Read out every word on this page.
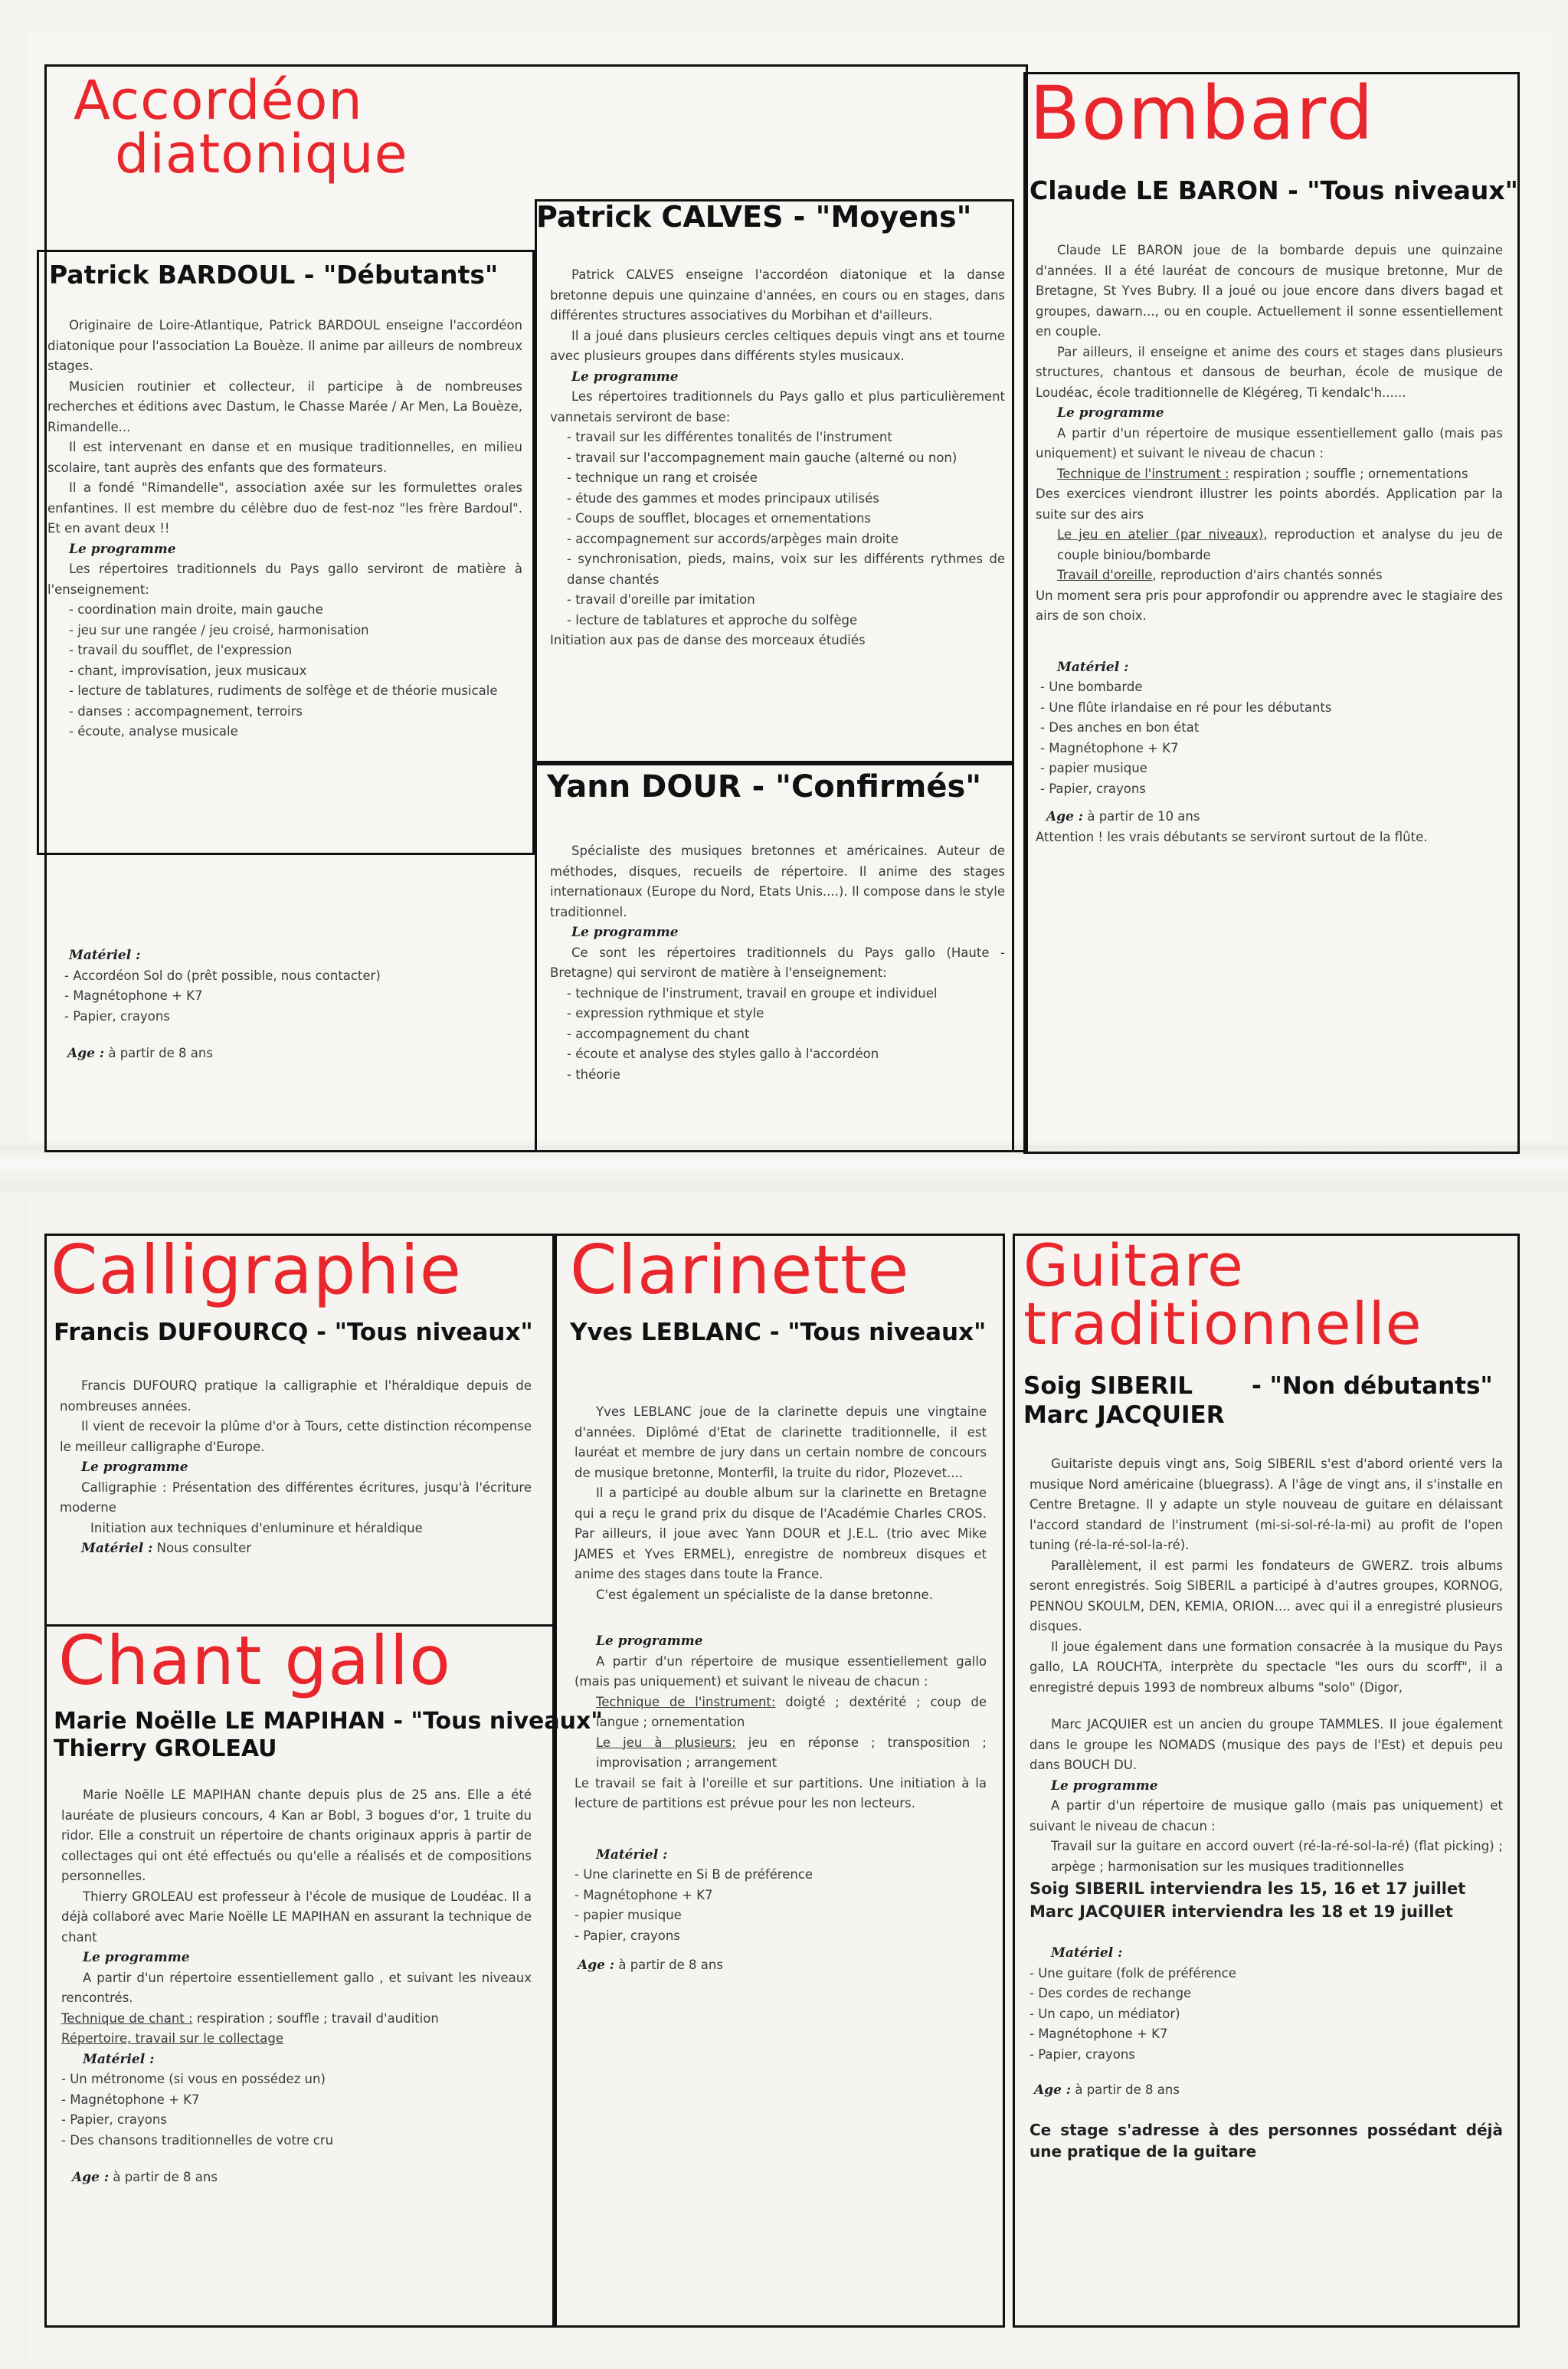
Accordéon
diatonique
Patrick BARDOUL - "Débutants"

Originaire de Loire-Atlantique, Patrick BARDOUL enseigne l'accordéon diatonique pour l'association La Bouèze. Il anime par ailleurs de nombreux stages.

Musicien routinier et collecteur, il participe à de nombreuses recherches et éditions avec Dastum, le Chasse Marée / Ar Men, La Bouèze, Rimandelle...

Il est intervenant en danse et en musique traditionnelles, en milieu scolaire, tant auprès des enfants que des formateurs.

Il a fondé "Rimandelle", association axée sur les formulettes orales enfantines. Il est membre du célèbre duo de fest-noz "les frère Bardoul". Et en avant deux !!

Le programme

Les répertoires traditionnels du Pays gallo serviront de matière à l'enseignement:

- coordination main droite, main gauche
- jeu sur une rangée / jeu croisé, harmonisation
- travail du soufflet, de l'expression
- chant, improvisation, jeux musicaux
- lecture de tablatures, rudiments de solfège et de théorie musicale
- danses : accompagnement, terroirs
- écoute, analyse musicale

Matériel :

- Accordéon Sol do (prêt possible, nous contacter)
- Magnétophone + K7
- Papier, crayons

Age : à partir de 8 ans

Patrick CALVES - "Moyens"

Patrick CALVES enseigne l'accordéon diatonique et la danse bretonne depuis une quinzaine d'années, en cours ou en stages, dans différentes structures associatives du Morbihan et d'ailleurs.

Il a joué dans plusieurs cercles celtiques depuis vingt ans et tourne avec plusieurs groupes dans différents styles musicaux.

Le programme

Les répertoires traditionnels du Pays gallo et plus particulièrement vannetais serviront de base:

- travail sur les différentes tonalités de l'instrument
- travail sur l'accompagnement main gauche (alterné ou non)
- technique un rang et croisée
- étude des gammes et modes principaux utilisés
- Coups de soufflet, blocages et ornementations
- accompagnement sur accords/arpèges main droite
- synchronisation, pieds, mains, voix sur les différents rythmes de danse chantés
- travail d'oreille par imitation
- lecture de tablatures et approche du solfège
Initiation aux pas de danse des morceaux étudiés
Yann DOUR - "Confirmés"

Spécialiste des musiques bretonnes et américaines. Auteur de méthodes, disques, recueils de répertoire. Il anime des stages internationaux (Europe du Nord, Etats Unis....). Il compose dans le style traditionnel.

Le programme

Ce sont les répertoires traditionnels du Pays gallo (Haute - Bretagne) qui serviront de matière à l'enseignement:

- technique de l'instrument, travail en groupe et individuel
- expression rythmique et style
- accompagnement du chant
- écoute et analyse des styles gallo à l'accordéon
- théorie
Bombard
Claude LE BARON - "Tous niveaux"

Claude LE BARON joue de la bombarde depuis une quinzaine d'années. Il a été lauréat de concours de musique bretonne, Mur de Bretagne, St Yves Bubry. Il a joué ou joue encore dans divers bagad et groupes, dawarn..., ou en couple. Actuellement il sonne essentiellement en couple.

Par ailleurs, il enseigne et anime des cours et stages dans plusieurs structures, chantous et dansous de beurhan, école de musique de Loudéac, école traditionnelle de Klégéreg, Ti kendalc'h......

Le programme

A partir d'un répertoire de musique essentiellement gallo (mais pas uniquement) et suivant le niveau de chacun :

Technique de l'instrument : respiration ; souffle ; ornementations

Des exercices viendront illustrer les points abordés. Application par la suite sur des airs

Le jeu en atelier (par niveaux), reproduction et analyse du jeu de couple biniou/bombarde

Travail d'oreille, reproduction d'airs chantés sonnés

Un moment sera pris pour approfondir ou apprendre avec le stagiaire des airs de son choix.

Matériel :

- Une bombarde
- Une flûte irlandaise en ré pour les débutants
- Des anches en bon état
- Magnétophone + K7
- papier musique
- Papier, crayons

Age : à partir de 10 ans

Attention ! les vrais débutants se serviront surtout de la flûte.

Calligraphie
Francis DUFOURCQ - "Tous niveaux"

Francis DUFOURQ pratique la calligraphie et l'héraldique depuis de nombreuses années.

Il vient de recevoir la plûme d'or à Tours, cette distinction récompense le meilleur calligraphe d'Europe.

Le programme

Calligraphie : Présentation des différentes écritures, jusqu'à l'écriture moderne

Initiation aux techniques d'enluminure et héraldique

Matériel : Nous consulter

Chant gallo
Marie Noëlle LE MAPIHAN - "Tous niveaux"
Thierry GROLEAU

Marie Noëlle LE MAPIHAN chante depuis plus de 25 ans. Elle a été lauréate de plusieurs concours, 4 Kan ar Bobl, 3 bogues d'or, 1 truite du ridor. Elle a construit un répertoire de chants originaux appris à partir de collectages qui ont été effectués ou qu'elle a réalisés et de compositions personnelles.

Thierry GROLEAU est professeur à l'école de musique de Loudéac. Il a déjà collaboré avec Marie Noëlle LE MAPIHAN en assurant la technique de chant

Le programme

A partir d'un répertoire essentiellement gallo , et suivant les niveaux rencontrés.

Technique de chant : respiration ; souffle ; travail d'audition

Répertoire, travail sur le collectage

Matériel :

- Un métronome (si vous en possédez un)
- Magnétophone + K7
- Papier, crayons
- Des chansons traditionnelles de votre cru

Age : à partir de 8 ans

Clarinette
Yves LEBLANC - "Tous niveaux"

Yves LEBLANC joue de la clarinette depuis une vingtaine d'années. Diplômé d'Etat de clarinette traditionnelle, il est lauréat et membre de jury dans un certain nombre de concours de musique bretonne, Monterfil, la truite du ridor, Plozevet....

Il a participé au double album sur la clarinette en Bretagne qui a reçu le grand prix du disque de l'Académie Charles CROS. Par ailleurs, il joue avec Yann DOUR et J.E.L. (trio avec Mike JAMES et Yves ERMEL), enregistre de nombreux disques et anime des stages dans toute la France.

C'est également un spécialiste de la danse bretonne.

Le programme

A partir d'un répertoire de musique essentiellement gallo (mais pas uniquement) et suivant le niveau de chacun :

Technique de l'instrument: doigté ; dextérité ; coup de langue ; ornementation

Le jeu à plusieurs: jeu en réponse ; transposition ; improvisation ; arrangement

Le travail se fait à l'oreille et sur partitions. Une initiation à la lecture de partitions est prévue pour les non lecteurs.

Matériel :

- Une clarinette en Si B de préférence
- Magnétophone + K7
- papier musique
- Papier, crayons

Age : à partir de 8 ans

Guitare
traditionnelle
Soig SIBERIL - "Non débutants"
Marc JACQUIER

Guitariste depuis vingt ans, Soig SIBERIL s'est d'abord orienté vers la musique Nord américaine (bluegrass). A l'âge de vingt ans, il s'installe en Centre Bretagne. Il y adapte un style nouveau de guitare en délaissant l'accord standard de l'instrument (mi-si-sol-ré-la-mi) au profit de l'open tuning (ré-la-ré-sol-la-ré).

Parallèlement, il est parmi les fondateurs de GWERZ. trois albums seront enregistrés. Soig SIBERIL a participé à d'autres groupes, KORNOG, PENNOU SKOULM, DEN, KEMIA, ORION.... avec qui il a enregistré plusieurs disques.

Il joue également dans une formation consacrée à la musique du Pays gallo, LA ROUCHTA, interprète du spectacle "les ours du scorff", il a enregistré depuis 1993 de nombreux albums "solo" (Digor,

Marc JACQUIER est un ancien du groupe TAMMLES. Il joue également dans le groupe les NOMADS (musique des pays de l'Est) et depuis peu dans BOUCH DU.

Le programme

A partir d'un répertoire de musique gallo (mais pas uniquement) et suivant le niveau de chacun :

Travail sur la guitare en accord ouvert (ré-la-ré-sol-la-ré) (flat picking) ; arpège ; harmonisation sur les musiques traditionnelles

Soig SIBERIL interviendra les 15, 16 et 17 juillet

Marc JACQUIER interviendra les 18 et 19 juillet

Matériel :

- Une guitare (folk de préférence
- Des cordes de rechange
- Un capo, un médiator)
- Magnétophone + K7
- Papier, crayons

Age : à partir de 8 ans

Ce stage s'adresse à des personnes possédant déjà une pratique de la guitare
